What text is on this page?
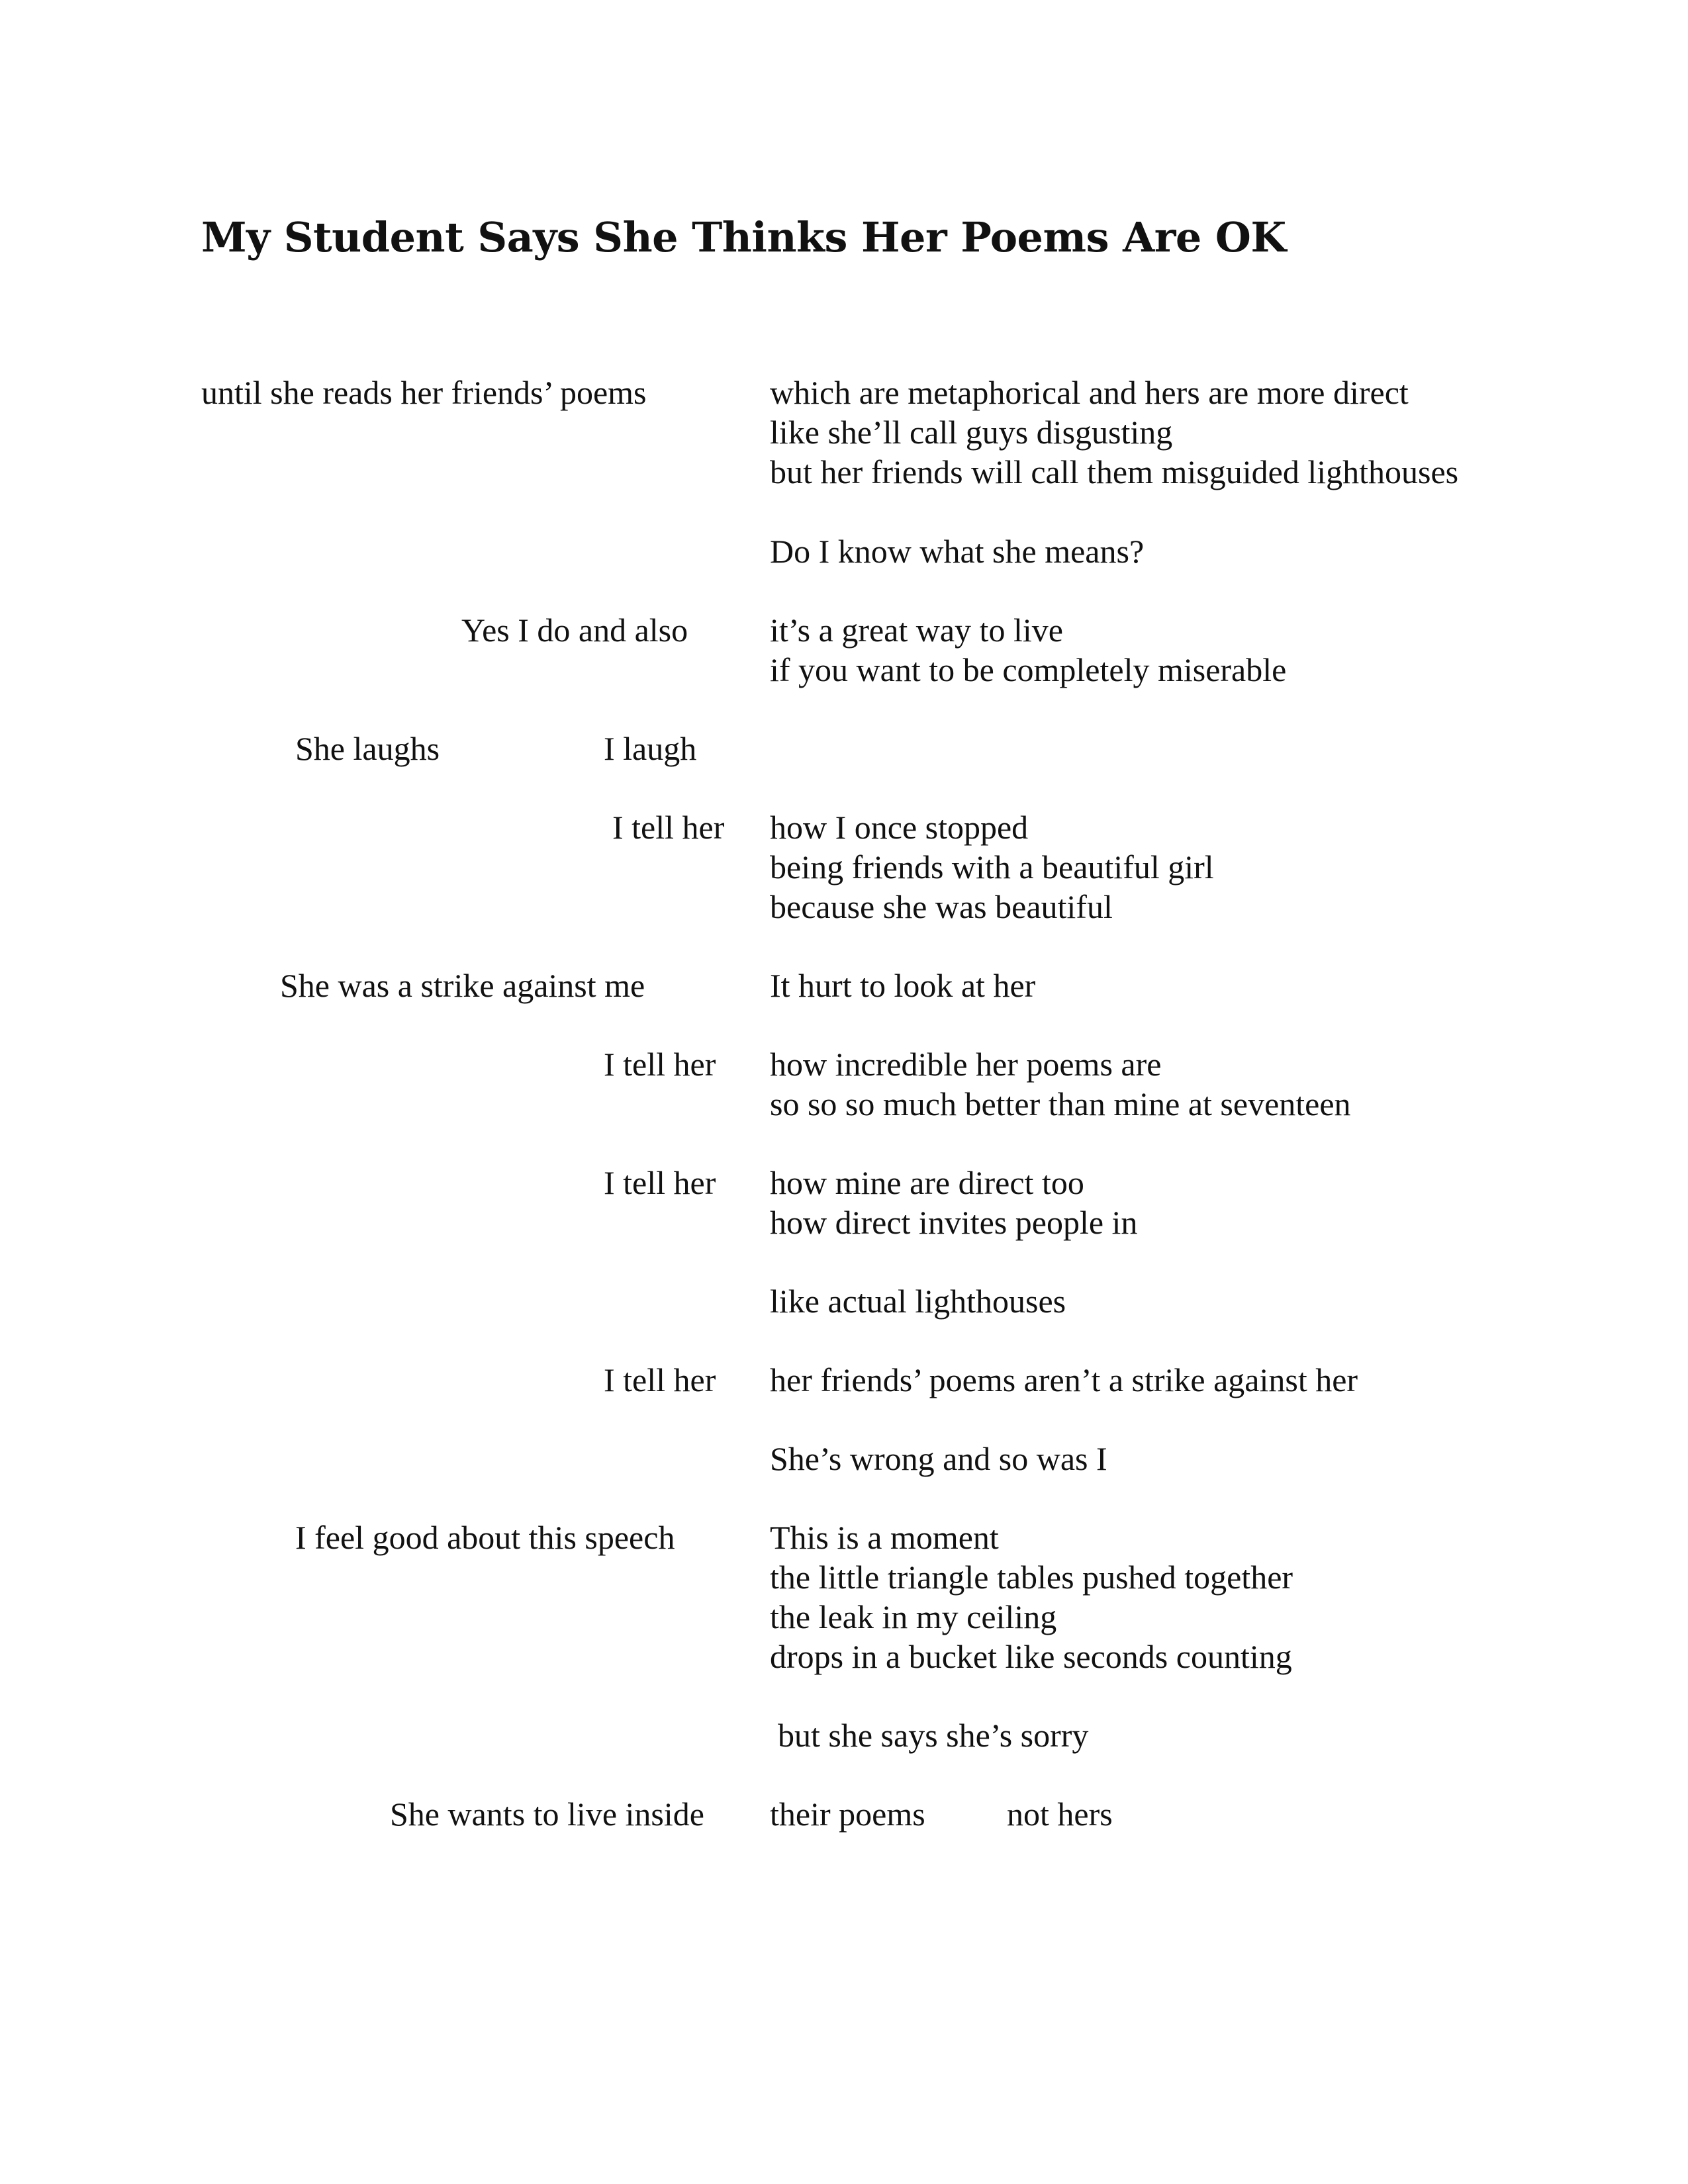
My Student Says She Thinks Her Poems Are OK
until she reads her friends’ poems	which are metaphorical and hers are more direct
like she’ll call guys disgusting
but her friends will call them misguided lighthouses
Do I know what she means?
Yes I do and also it’s a great way to live
if you want to be completely miserable
She laughs	I laugh
I tell her how I once stopped
being friends with a beautiful girl
because she was beautiful
She was a strike against me	It hurt to look at her
I tell her how incredible her poems are
so so so much better than mine at seventeen
I tell her how mine are direct too
how direct invites people in
like actual lighthouses
I tell her her friends’ poems aren’t a strike against her
She’s wrong and so was I
I feel good about this speech	This is a moment
the little triangle tables pushed together
the leak in my ceiling
drops in a bucket like seconds counting
but she says she’s sorry
She wants to live inside their poems not hers
